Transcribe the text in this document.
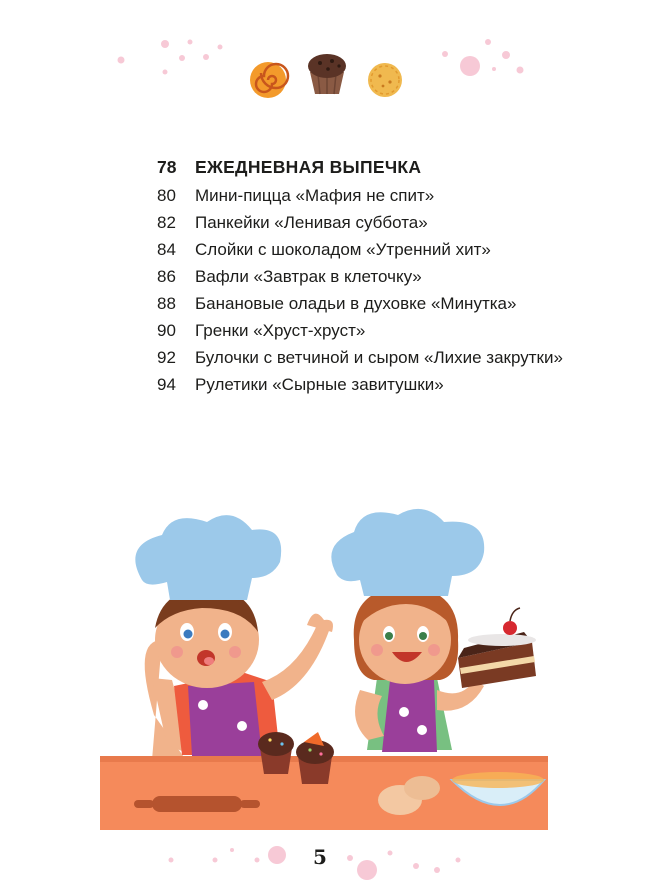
78	ЕЖЕДНЕВНАЯ ВЫПЕЧКА
80	Мини-пицца «Мафия не спит»
82	Панкейки «Ленивая суббота»
84	Слойки с шоколадом «Утренний хит»
86	Вафли «Завтрак в клеточку»
88	Банановые оладьи в духовке «Минутка»
90	Гренки «Хруст-хруст»
92	Булочки с ветчиной и сыром «Лихие закрутки»
94	Рулетики «Сырные завитушки»
5
